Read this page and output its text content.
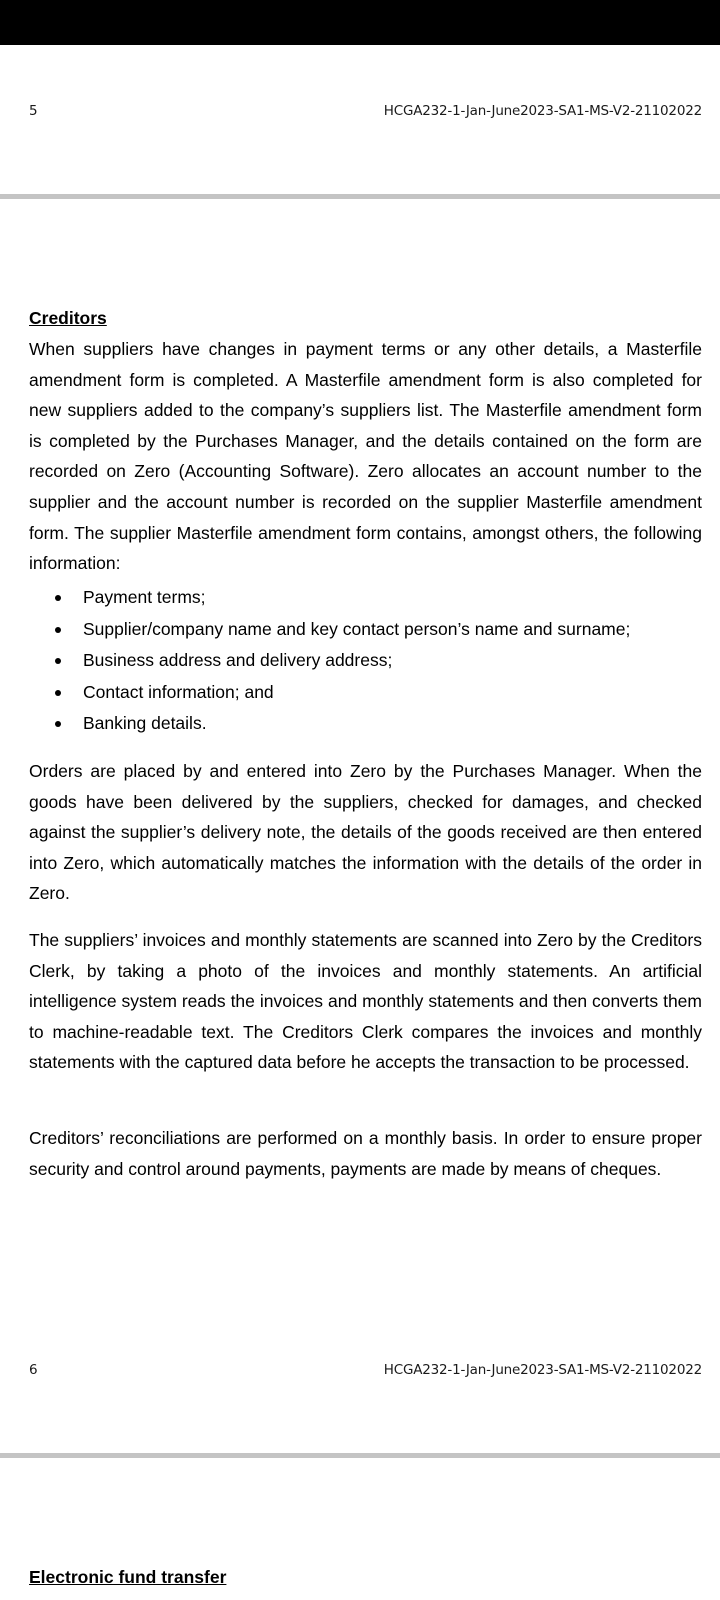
5	HCGA232-1-Jan-June2023-SA1-MS-V2-21102022
Creditors

When suppliers have changes in payment terms or any other details, a Masterfile amendment form is completed. A Masterfile amendment form is also completed for new suppliers added to the company’s suppliers list. The Masterfile amendment form is completed by the Purchases Manager, and the details contained on the form are recorded on Zero (Accounting Software). Zero allocates an account number to the supplier and the account number is recorded on the supplier Masterfile amendment form. The supplier Masterfile amendment form contains, amongst others, the following information:

Payment terms;
Supplier/company name and key contact person’s name and surname;
Business address and delivery address;
Contact information; and
Banking details.

Orders are placed by and entered into Zero by the Purchases Manager. When the goods have been delivered by the suppliers, checked for damages, and checked against the supplier’s delivery note, the details of the goods received are then entered into Zero, which automatically matches the information with the details of the order in Zero.

The suppliers’ invoices and monthly statements are scanned into Zero by the Creditors Clerk, by taking a photo of the invoices and monthly statements. An artificial intelligence system reads the invoices and monthly statements and then converts them to machine-readable text. The Creditors Clerk compares the invoices and monthly statements with the captured data before he accepts the transaction to be processed.

Creditors’ reconciliations are performed on a monthly basis. In order to ensure proper security and control around payments, payments are made by means of cheques.

6	HCGA232-1-Jan-June2023-SA1-MS-V2-21102022
Electronic fund transfer
